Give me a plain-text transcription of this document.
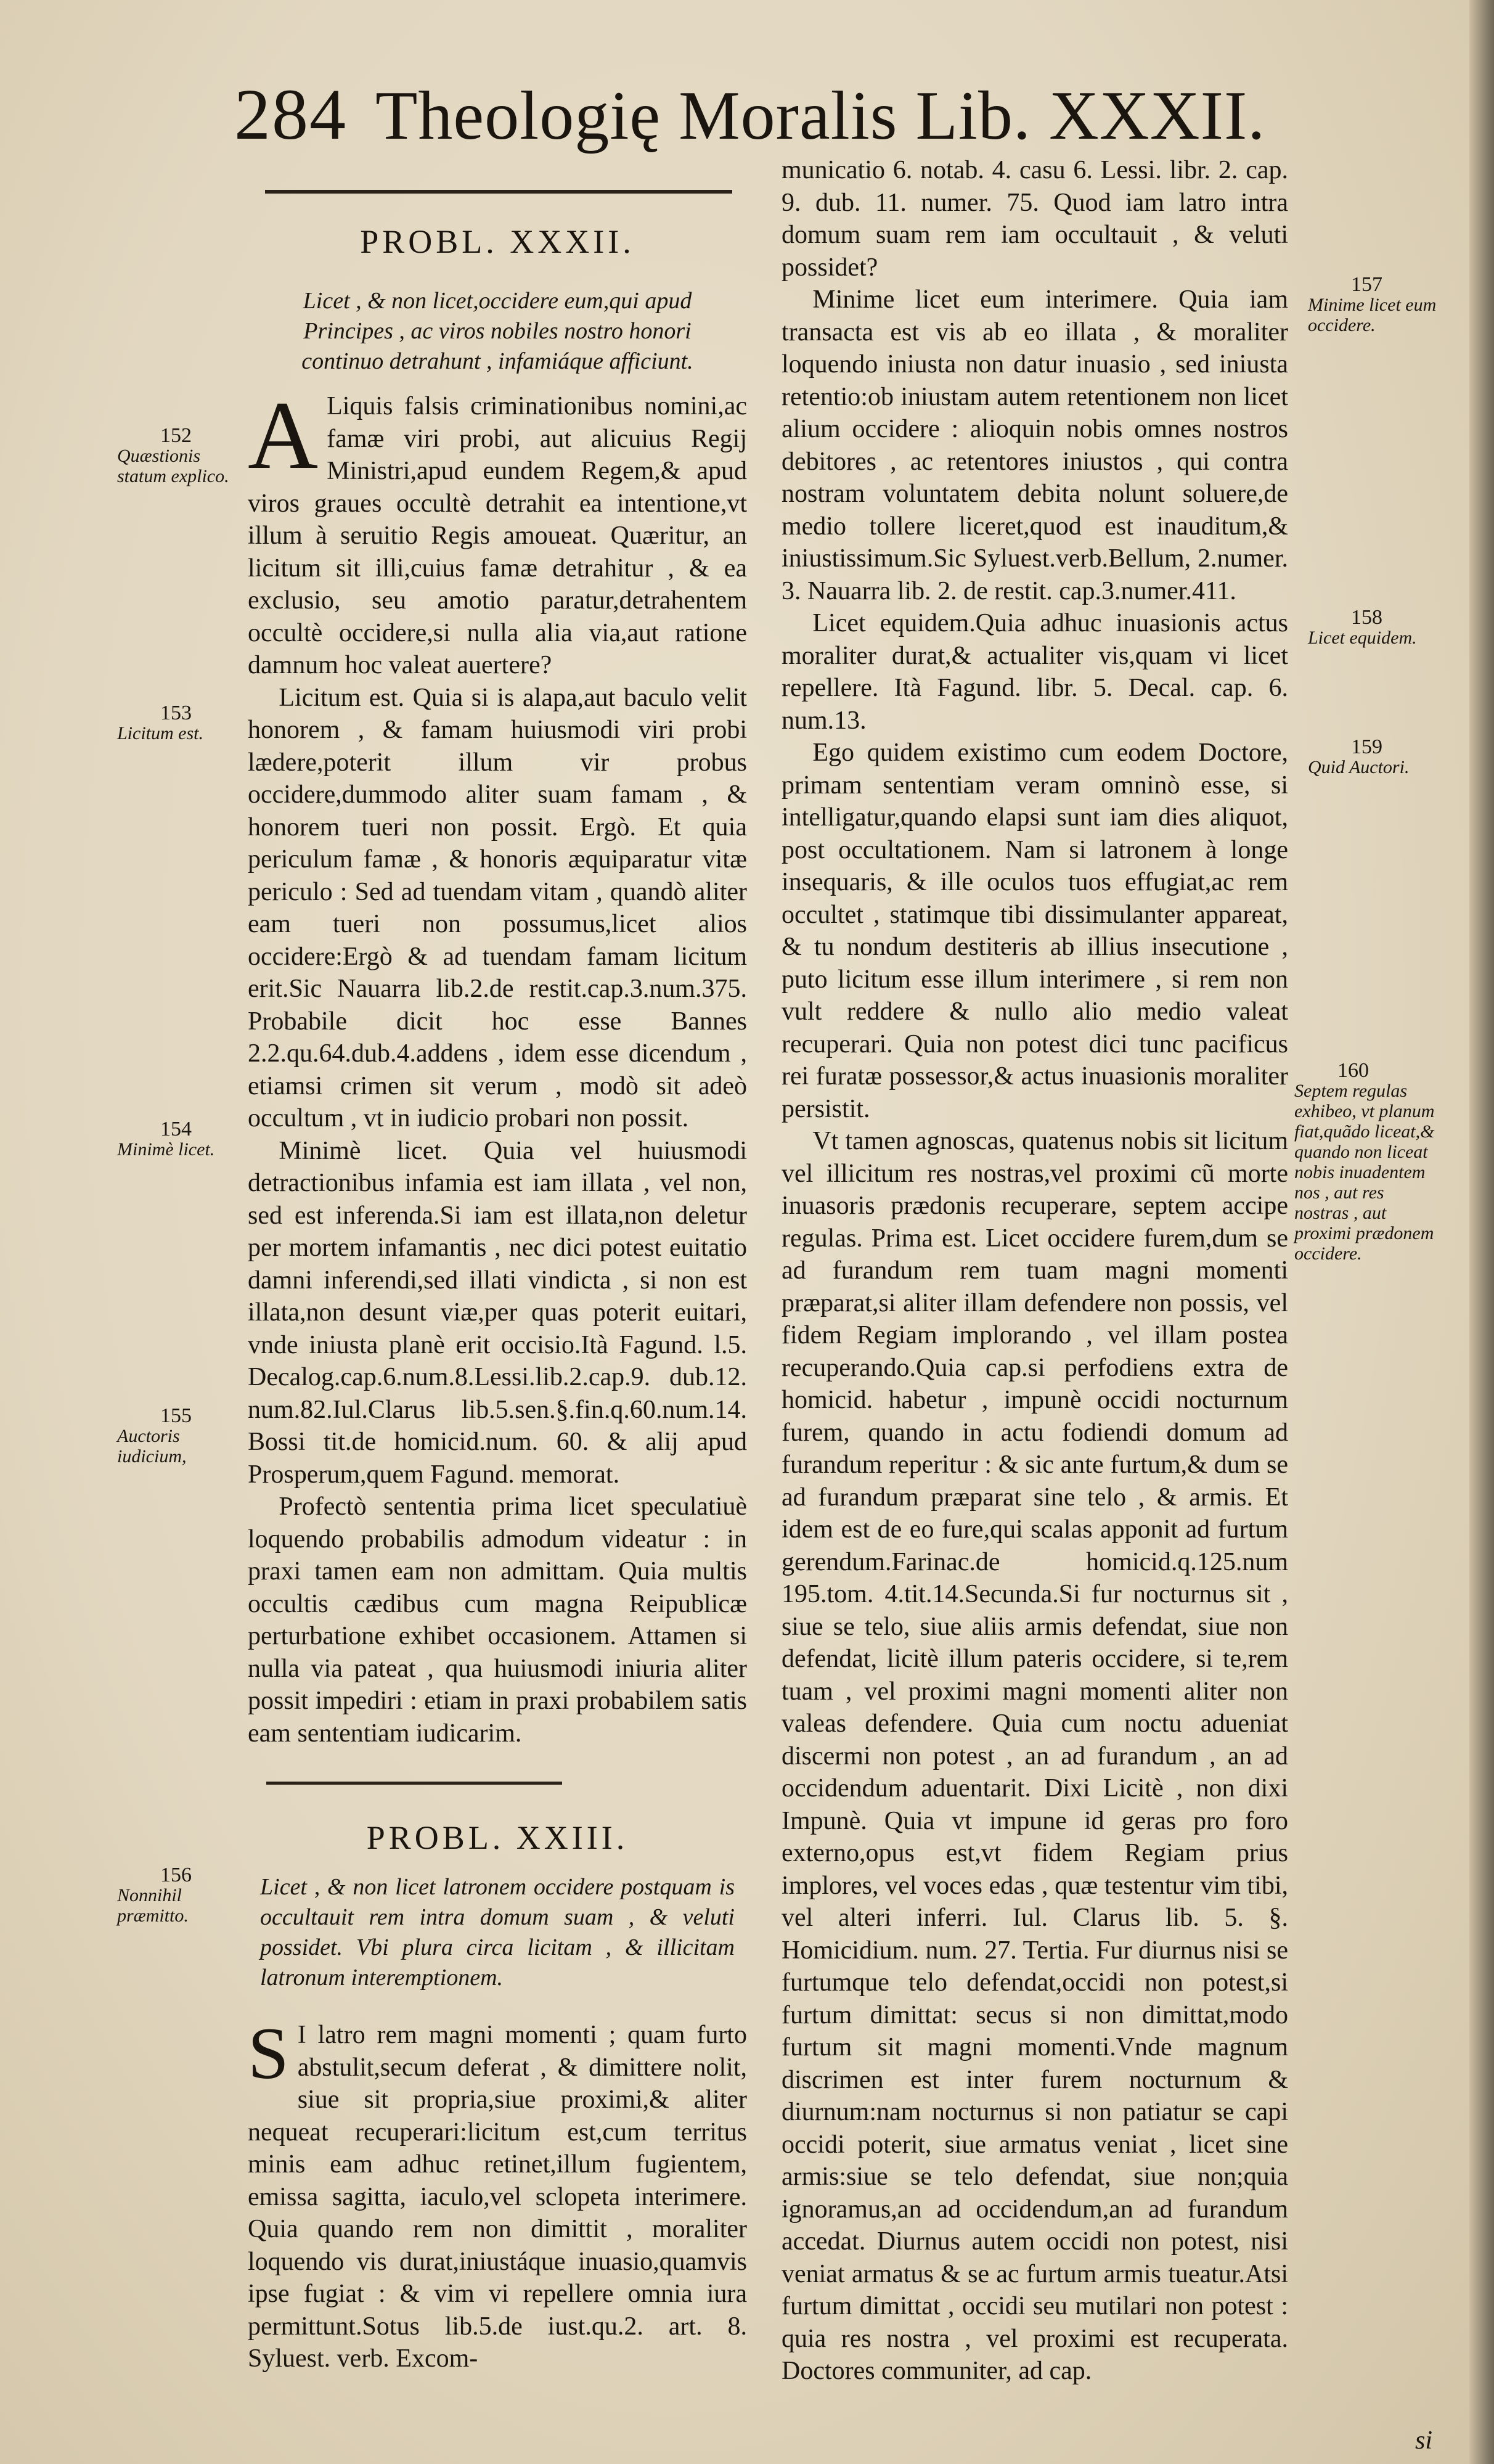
284 Theologię Moralis Lib. XXXII.
PROBL. XXXII.
Licet , & non licet,occidere eum,qui apud Principes , ac viros nobiles nostro honori continuo detrahunt , infamiáque afficiunt.

A Liquis falsis criminationibus nomini,ac famæ viri probi, aut alicuius Regij Ministri,apud eundem Regem,& apud viros graues occultè detrahit ea intentione,vt illum à seruitio Regis amoueat. Quæritur, an licitum sit illi,cuius famæ detrahitur , & ea exclusio, seu amotio paratur,detrahentem occultè occidere,si nulla alia via,aut ratione damnum hoc valeat auertere?

Licitum est. Quia si is alapa,aut baculo velit honorem , & famam huiusmodi viri probi lædere,poterit illum vir probus occidere,dummodo aliter suam famam , & honorem tueri non possit. Ergò. Et quia periculum famæ , & honoris æquiparatur vitæ periculo : Sed ad tuendam vitam , quandò aliter eam tueri non possumus,licet alios occidere:Ergò & ad tuendam famam licitum erit.Sic Nauarra lib.2.de restit.cap.3.num.375. Probabile dicit hoc esse Bannes 2.2.qu.64.dub.4.addens , idem esse dicendum , etiamsi crimen sit verum , modò sit adeò occultum , vt in iudicio probari non possit.

Minimè licet. Quia vel huiusmodi detractionibus infamia est iam illata , vel non, sed est inferenda.Si iam est illata,non deletur per mortem infamantis , nec dici potest euitatio damni inferendi,sed illati vindicta , si non est illata,non desunt viæ,per quas poterit euitari, vnde iniusta planè erit occisio.Ità Fagund. l.5. Decalog.cap.6.num.8.Lessi.lib.2.cap.9. dub.12. num.82.Iul.Clarus lib.5.sen.§.fin.q.60.num.14. Bossi tit.de homicid.num. 60. & alij apud Prosperum,quem Fagund. memorat.

Profectò sententia prima licet speculatiuè loquendo probabilis admodum videatur : in praxi tamen eam non admittam. Quia multis occultis cædibus cum magna Reipublicæ perturbatione exhibet occasionem. Attamen si nulla via pateat , qua huiusmodi iniuria aliter possit impediri : etiam in praxi probabilem satis eam sententiam iudicarim.

PROBL. XXIII.
Licet , & non licet latronem occidere postquam is occultauit rem intra domum suam , & veluti possidet. Vbi plura circa licitam , & illicitam latronum interemptionem.

S I latro rem magni momenti ; quam furto abstulit,secum deferat , & dimittere nolit, siue sit propria,siue proximi,& aliter nequeat recuperari:licitum est,cum territus minis eam adhuc retinet,illum fugientem, emissa sagitta, iaculo,vel sclopeta interimere. Quia quando rem non dimittit , moraliter loquendo vis durat,iniustáque inuasio,quamvis ipse fugiat : & vim vi repellere omnia iura permittunt.Sotus lib.5.de iust.qu.2. art. 8. Syluest. verb. Excom-

municatio 6. notab. 4. casu 6. Lessi. libr. 2. cap. 9. dub. 11. numer. 75. Quod iam latro intra domum suam rem iam occultauit , & veluti possidet?

Minime licet eum interimere. Quia iam transacta est vis ab eo illata , & moraliter loquendo iniusta non datur inuasio , sed iniusta retentio:ob iniustam autem retentionem non licet alium occidere : alioquin nobis omnes nostros debitores , ac retentores iniustos , qui contra nostram voluntatem debita nolunt soluere,de medio tollere liceret,quod est inauditum,& iniustissimum.Sic Syluest.verb.Bellum, 2.numer. 3. Nauarra lib. 2. de restit. cap.3.numer.411.

Licet equidem.Quia adhuc inuasionis actus moraliter durat,& actualiter vis,quam vi licet repellere. Ità Fagund. libr. 5. Decal. cap. 6. num.13.

Ego quidem existimo cum eodem Doctore, primam sententiam veram omninò esse, si intelligatur,quando elapsi sunt iam dies aliquot, post occultationem. Nam si latronem à longe insequaris, & ille oculos tuos effugiat,ac rem occultet , statimque tibi dissimulanter appareat, & tu nondum destiteris ab illius insecutione , puto licitum esse illum interimere , si rem non vult reddere & nullo alio medio valeat recuperari. Quia non potest dici tunc pacificus rei furatæ possessor,& actus inuasionis moraliter persistit.

Vt tamen agnoscas, quatenus nobis sit licitum vel illicitum res nostras,vel proximi cũ morte inuasoris prædonis recuperare, septem accipe regulas. Prima est. Licet occidere furem,dum se ad furandum rem tuam magni momenti præparat,si aliter illam defendere non possis, vel fidem Regiam implorando , vel illam postea recuperando.Quia cap.si perfodiens extra de homicid. habetur , impunè occidi nocturnum furem, quando in actu fodiendi domum ad furandum reperitur : & sic ante furtum,& dum se ad furandum præparat sine telo , & armis. Et idem est de eo fure,qui scalas apponit ad furtum gerendum.Farinac.de homicid.q.125.num 195.tom. 4.tit.14.Secunda.Si fur nocturnus sit , siue se telo, siue aliis armis defendat, siue non defendat, licitè illum pateris occidere, si te,rem tuam , vel proximi magni momenti aliter non valeas defendere. Quia cum noctu adueniat discermi non potest , an ad furandum , an ad occidendum aduentarit. Dixi Licitè , non dixi Impunè. Quia vt impune id geras pro foro externo,opus est,vt fidem Regiam prius implores, vel voces edas , quæ testentur vim tibi, vel alteri inferri. Iul. Clarus lib. 5. §. Homicidium. num. 27. Tertia. Fur diurnus nisi se furtumque telo defendat,occidi non potest,si furtum dimittat: secus si non dimittat,modo furtum sit magni momenti.Vnde magnum discrimen est inter furem nocturnum & diurnum:nam nocturnus si non patiatur se capi occidi poterit, siue armatus veniat , licet sine armis:siue se telo defendat, siue non;quia ignoramus,an ad occidendum,an ad furandum accedat. Diurnus autem occidi non potest, nisi veniat armatus & se ac furtum armis tueatur.Atsi furtum dimittat , occidi seu mutilari non potest : quia res nostra , vel proximi est recuperata. Doctores communiter, ad cap.

si
152
Quæstionis statum explico.
153
Licitum est.
154
Minimè licet.
155
Auctoris iudicium,
156
Nonnihil præmitto.
157
Minime licet eum occidere.
158
Licet equidem.
159
Quid Auctori.
160
Septem regulas exhibeo, vt planum fiat,quãdo liceat,& quando non liceat nobis inuadentem nos , aut res nostras , aut proximi prædonem occidere.
